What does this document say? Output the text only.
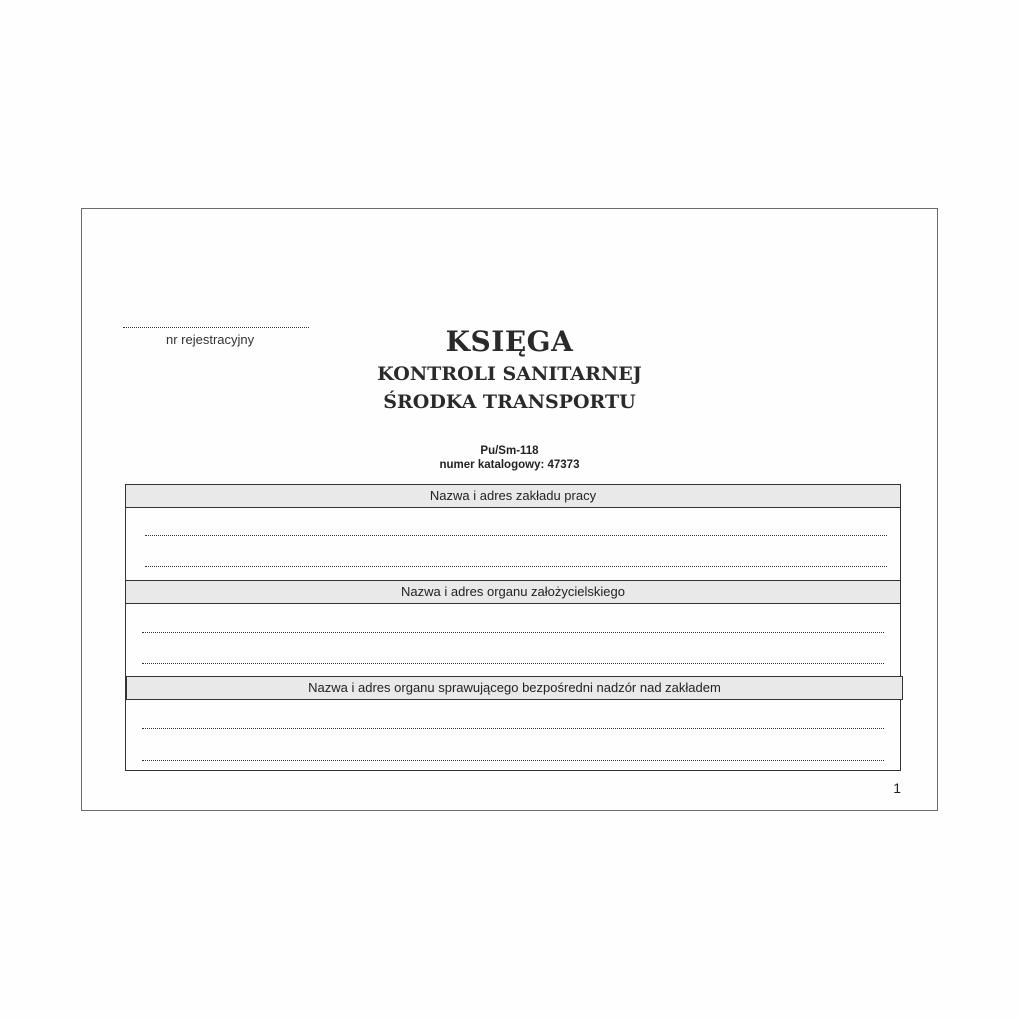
nr rejestracyjny	KSIĘGA
KONTROLI SANITARNEJ
ŚRODKA TRANSPORTU
Pu/Sm-118
numer katalogowy: 47373
Nazwa i adres zakładu pracy
Nazwa i adres organu założycielskiego
Nazwa i adres organu sprawującego bezpośredni nadzór nad zakładem
1
